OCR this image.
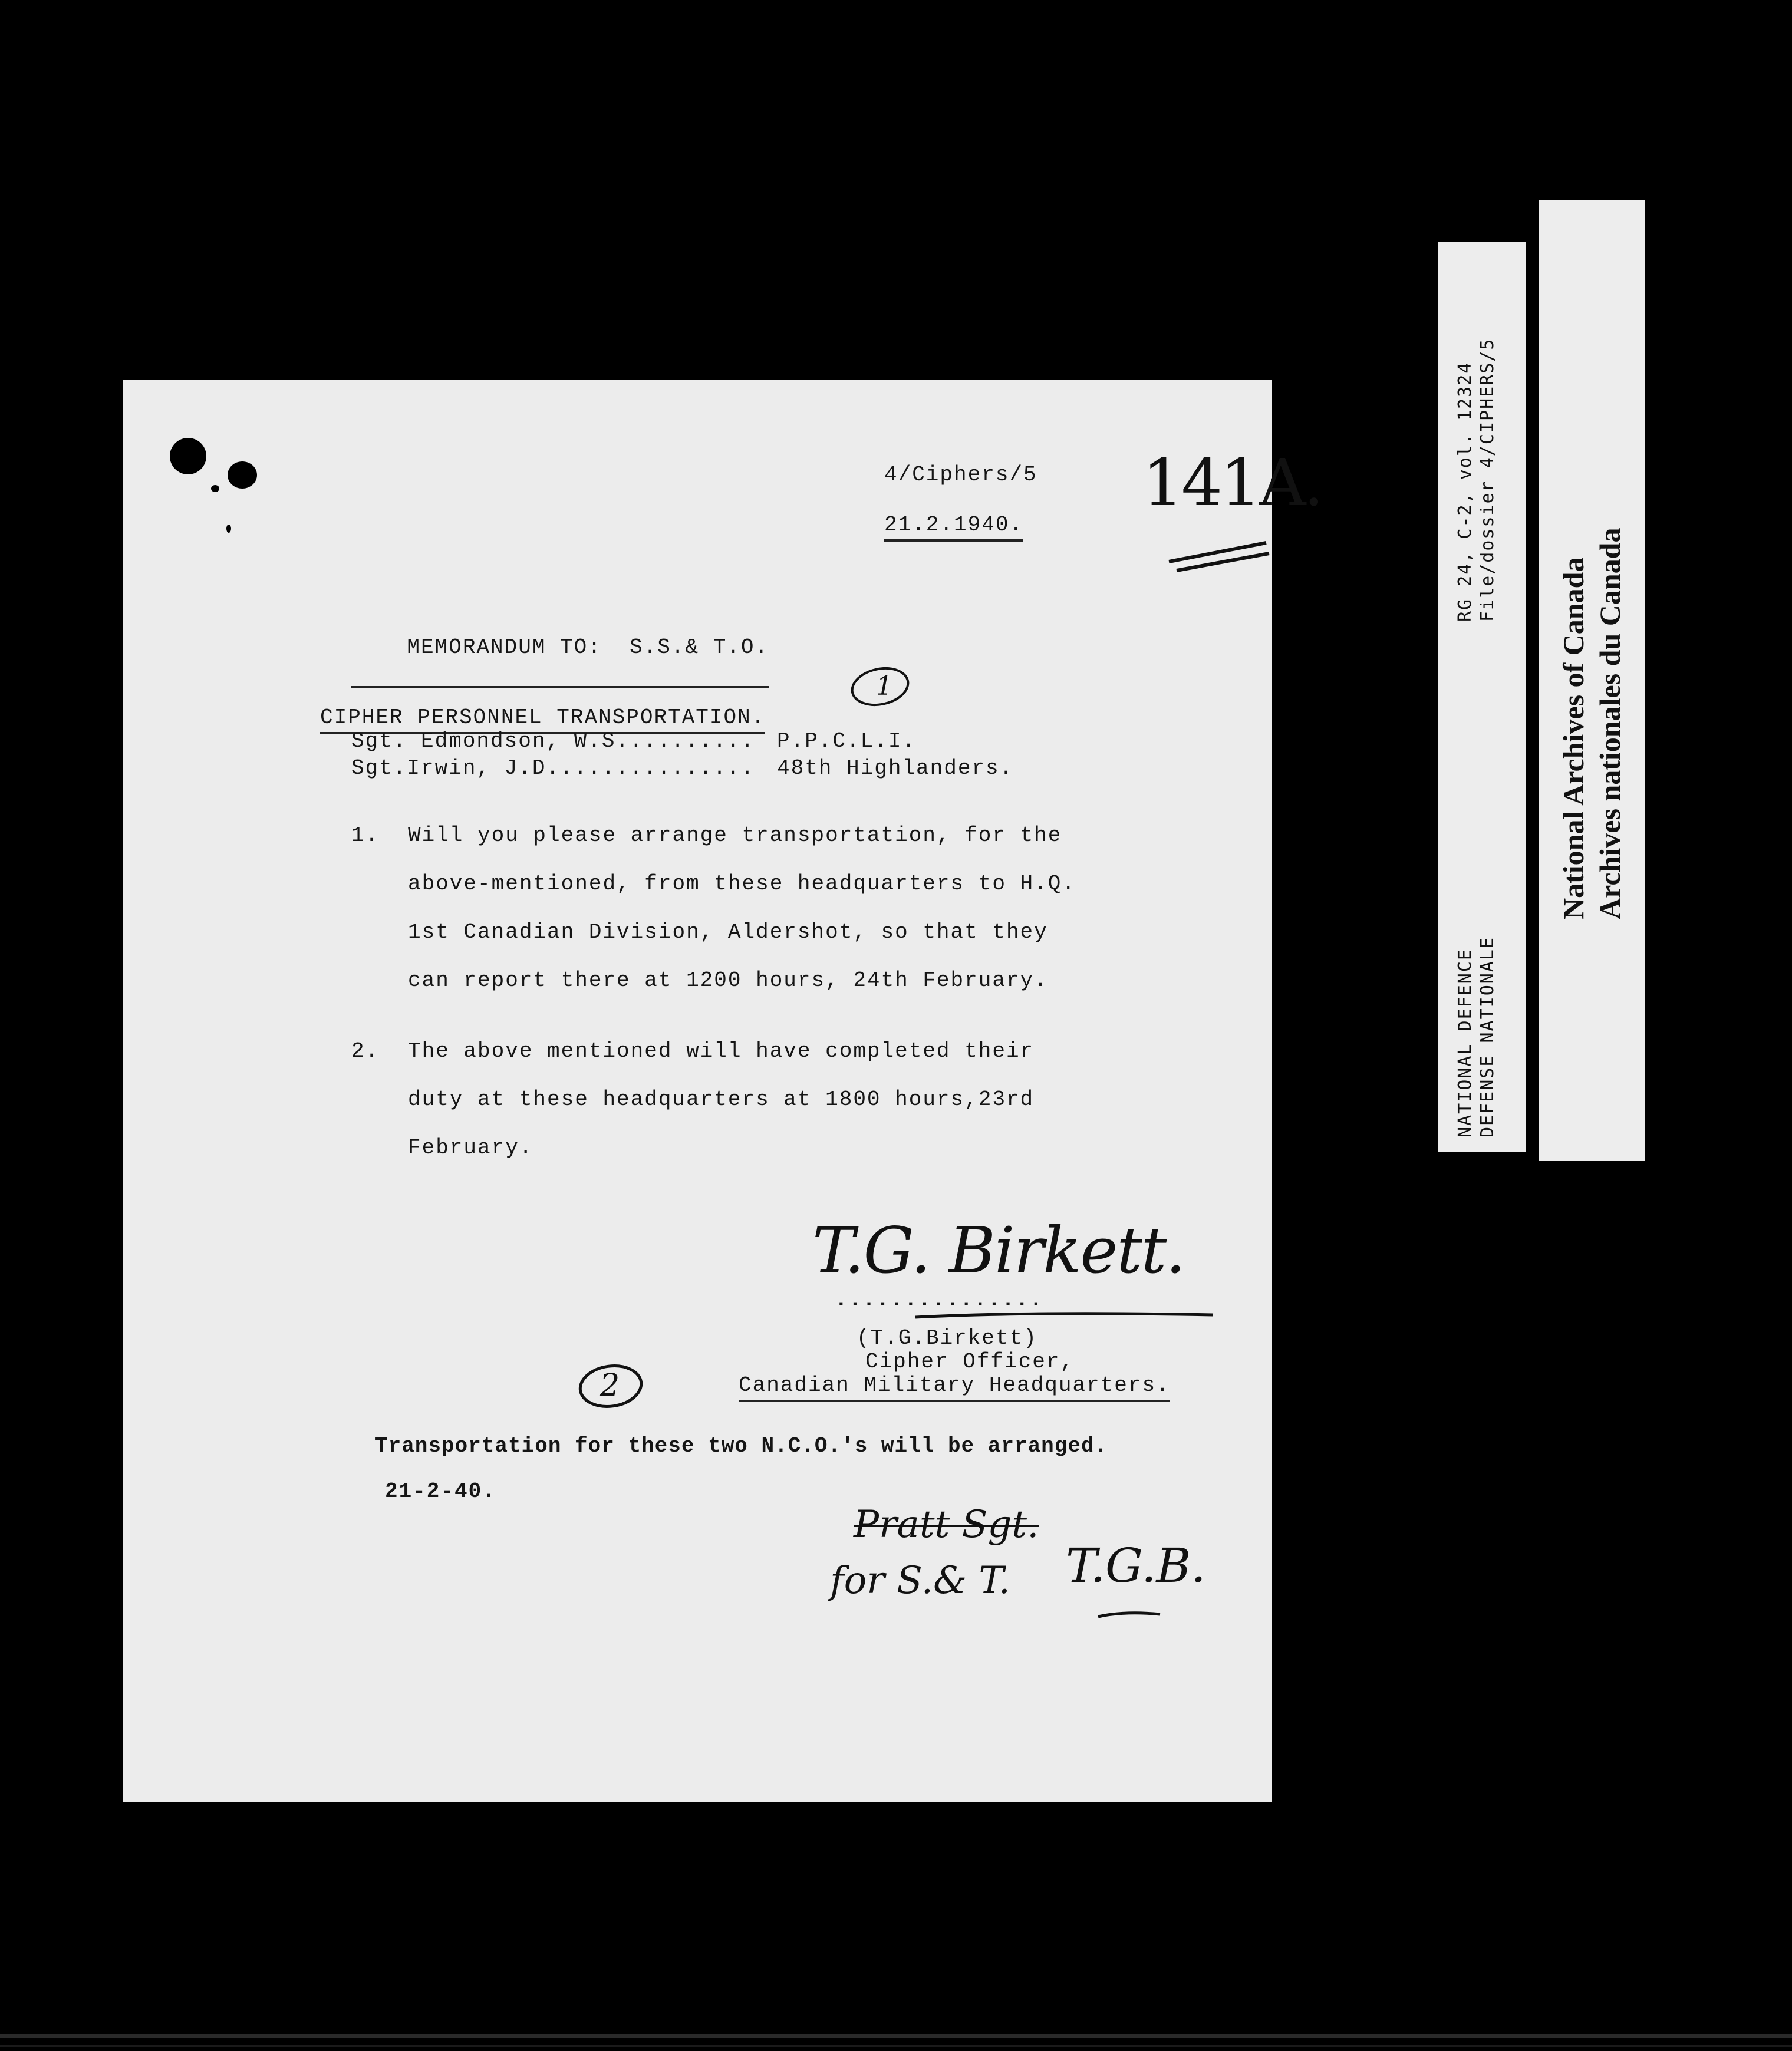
4/Ciphers/5
21.2.1940.
141A.

MEMORANDUM TO: S.S.& T.O.

1
CIPHER PERSONNEL TRANSPORTATION.
Sgt. Edmondson, W.S.......... P.P.C.L.I.
Sgt.Irwin, J.D............... 48th Highlanders.
1. Will you please arrange transportation, for the
above-mentioned, from these headquarters to H.Q.
1st Canadian Division, Aldershot, so that they
can report there at 1200 hours, 24th February.
2. The above mentioned will have completed their
duty at these headquarters at 1800 hours,23rd
February.
T.G. Birkett.
...............
(T.G.Birkett)
Cipher Officer,
Canadian Military Headquarters.
2
Transportation for these two N.C.O.'s will be arranged.
21-2-40.
Pratt Sgt.
for S.& T. T.G.B.
RG 24, C-2, vol. 12324 File/dossier 4/CIPHERS/5
NATIONAL DEFENCE DEFENSE NATIONALE
National Archives of Canada Archives nationales du Canada
